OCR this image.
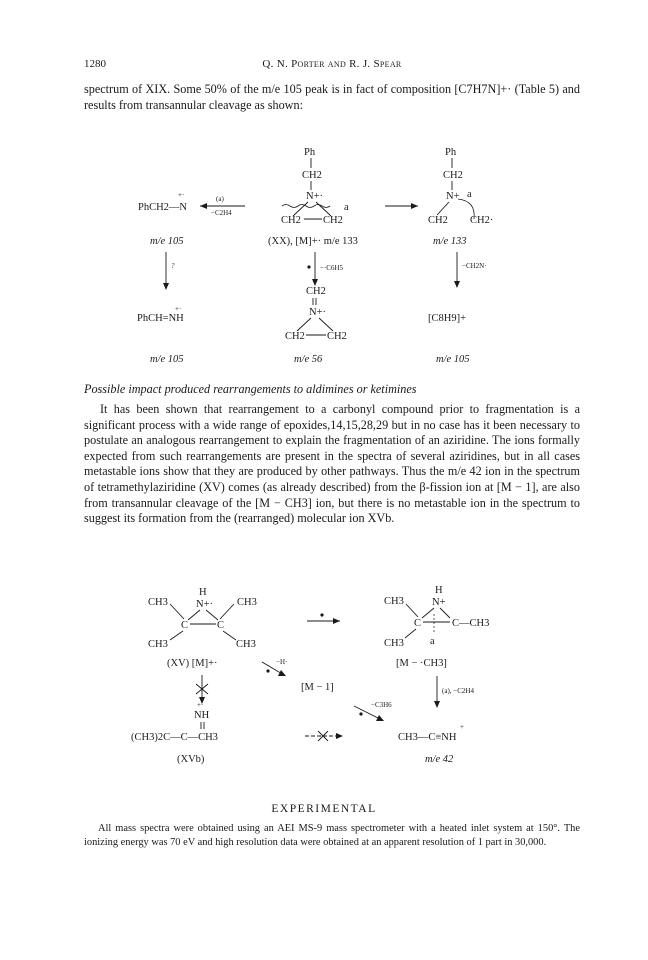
1280	Q. N. Porter and R. J. Spear
spectrum of XIX. Some 50% of the m/e 105 peak is in fact of composition [C7H7N]+· (Table 5) and results from transannular cleavage as shown:
Ph
CH2
N+·
a
CH2 CH2
(a)
−C2H4
PhCH2—N
+·
Ph
CH2
N+ a
CH2 CH2·
m/e 105	(XX), [M]+· m/e 133	m/e 133
?	−·C6H5	−CH2N·
CH2
N+·
CH2 CH2
+·
PhCH=NH	[C8H9]+
m/e 105	m/e 56	m/e 105
Possible impact produced rearrangements to aldimines or ketimines
It has been shown that rearrangement to a carbonyl compound prior to fragmentation is a significant process with a wide range of epoxides,14,15,28,29 but in no case has it been necessary to postulate an analogous rearrangement to explain the fragmentation of an aziridine. The ions formally expected from such rearrangements are present in the spectra of several aziridines, but in all cases metastable ions show that they are produced by other pathways. Thus the m/e 42 ion in the spectrum of tetramethylaziridine (XV) comes (as already described) from the β-fission ion at [M − 1], are also from transannular cleavage of the [M − CH3] ion, but there is no metastable ion in the spectrum to suggest its formation from the (rearranged) molecular ion XVb.
H
N+·
CH3	CH3
C	C
CH3	CH3
H
N+
CH3
C	C—CH3
CH3 a
(XV) [M]+·	[M − ·CH3]
−H·
[M − 1]	(a), −C2H4
−C3H6
+·
NH
(CH3)2C—C—CH3
(XVb)
+
CH3—C≡NH
m/e 42
EXPERIMENTAL
All mass spectra were obtained using an AEI MS-9 mass spectrometer with a heated inlet system at 150°. The ionizing energy was 70 eV and high resolution data were obtained at an apparent resolution of 1 part in 30,000.
